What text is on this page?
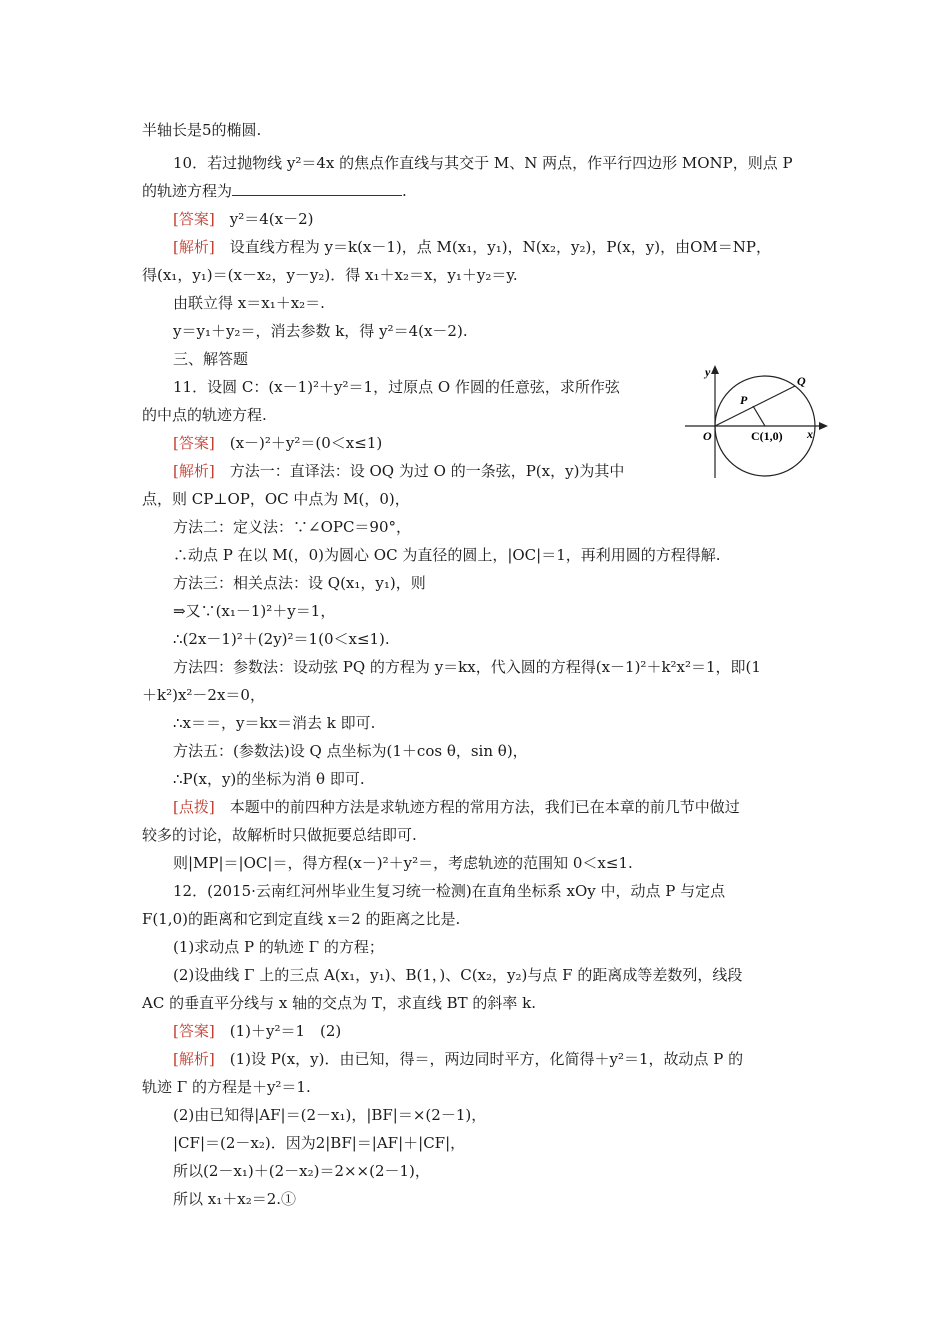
半轴长是5的椭圆.
10．若过抛物线 y²＝4x 的焦点作直线与其交于 M、N 两点，作平行四边形 MONP，则点 P
的轨迹方程为	.
[答案]　 y²＝4(x－2)
[解析]　 设直线方程为 y＝k(x－1)，点 M(x₁，y₁)，N(x₂，y₂)，P(x，y)，由OM＝NP，
得(x₁，y₁)＝(x－x₂，y－y₂)．得 x₁＋x₂＝x，y₁＋y₂＝y.
由联立得 x＝x₁＋x₂＝.
y＝y₁＋y₂＝，消去参数 k，得 y²＝4(x－2).
三、解答题
11．设圆 C：(x－1)²＋y²＝1，过原点 O 作圆的任意弦，求所作弦
的中点的轨迹方程.
[答案]　 (x－)²＋y²＝(0＜x≤1)
[解析]　 方法一：直译法：设 OQ 为过 O 的一条弦，P(x，y)为其中
点，则 CP⊥OP，OC 中点为 M(，0)，
方法二：定义法：∵∠OPC＝90°，
∴动点 P 在以 M(，0)为圆心 OC 为直径的圆上，|OC|＝1，再利用圆的方程得解.
方法三：相关点法：设 Q(x₁，y₁)，则
⇒又∵(x₁－1)²＋y＝1，
∴(2x－1)²＋(2y)²＝1(0＜x≤1).
方法四：参数法：设动弦 PQ 的方程为 y＝kx，代入圆的方程得(x－1)²＋k²x²＝1，即(1
＋k²)x²－2x＝0，
∴x＝＝，y＝kx＝消去 k 即可.
方法五：(参数法)设 Q 点坐标为(1＋cos θ，sin θ)，
∴P(x，y)的坐标为消 θ 即可.
[点拨]　 本题中的前四种方法是求轨迹方程的常用方法，我们已在本章的前几节中做过
较多的讨论，故解析时只做扼要总结即可.
则|MP|＝|OC|＝，得方程(x－)²＋y²＝，考虑轨迹的范围知 0＜x≤1.
12．(2015·云南红河州毕业生复习统一检测)在直角坐标系 xOy 中，动点 P 与定点
F(1,0)的距离和它到定直线 x＝2 的距离之比是.
(1)求动点 P 的轨迹 Γ 的方程；
(2)设曲线 Γ 上的三点 A(x₁，y₁)、B(1，)、C(x₂，y₂)与点 F 的距离成等差数列，线段
AC 的垂直平分线与 x 轴的交点为 T，求直线 BT 的斜率 k.
[答案]　 (1)＋y²＝1　(2)
[解析]　 (1)设 P(x，y)．由已知，得＝，两边同时平方，化简得＋y²＝1，故动点 P 的
轨迹 Γ 的方程是＋y²＝1.
(2)由已知得|AF|＝(2－x₁)，|BF|＝×(2－1)，
|CF|＝(2－x₂)．因为2|BF|＝|AF|＋|CF|，
所以(2－x₁)＋(2－x₂)＝2××(2－1)，
所以 x₁＋x₂＝2.①
y
Q
P
O	C(1,0) x
